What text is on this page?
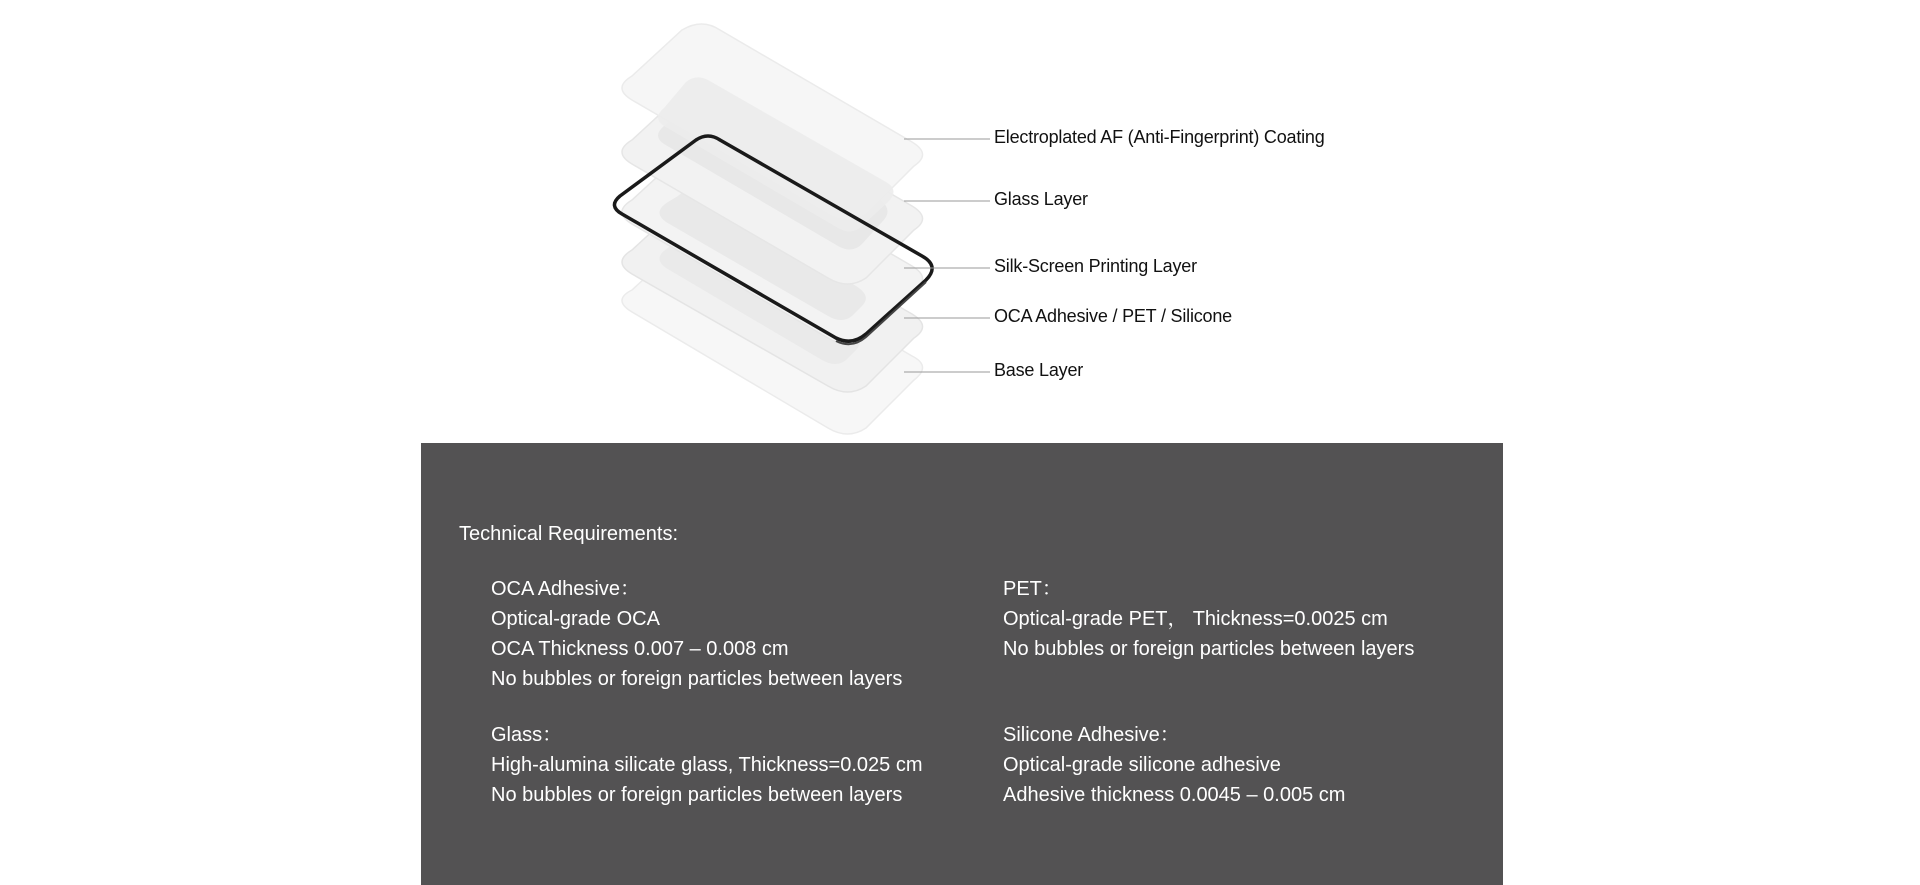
Electroplated AF (Anti-Fingerprint) Coating
Glass Layer
Silk-Screen Printing Layer
OCA Adhesive / PET / Silicone
Base Layer
Technical Requirements:
OCA Adhesive：
Optical-grade OCA
OCA Thickness 0.007 – 0.008 cm
No bubbles or foreign particles between layers
PET：
Optical-grade PET， Thickness=0.0025 cm
No bubbles or foreign particles between layers
Glass：
High-alumina silicate glass, Thickness=0.025 cm
No bubbles or foreign particles between layers
Silicone Adhesive：
Optical-grade silicone adhesive
Adhesive thickness 0.0045 – 0.005 cm
